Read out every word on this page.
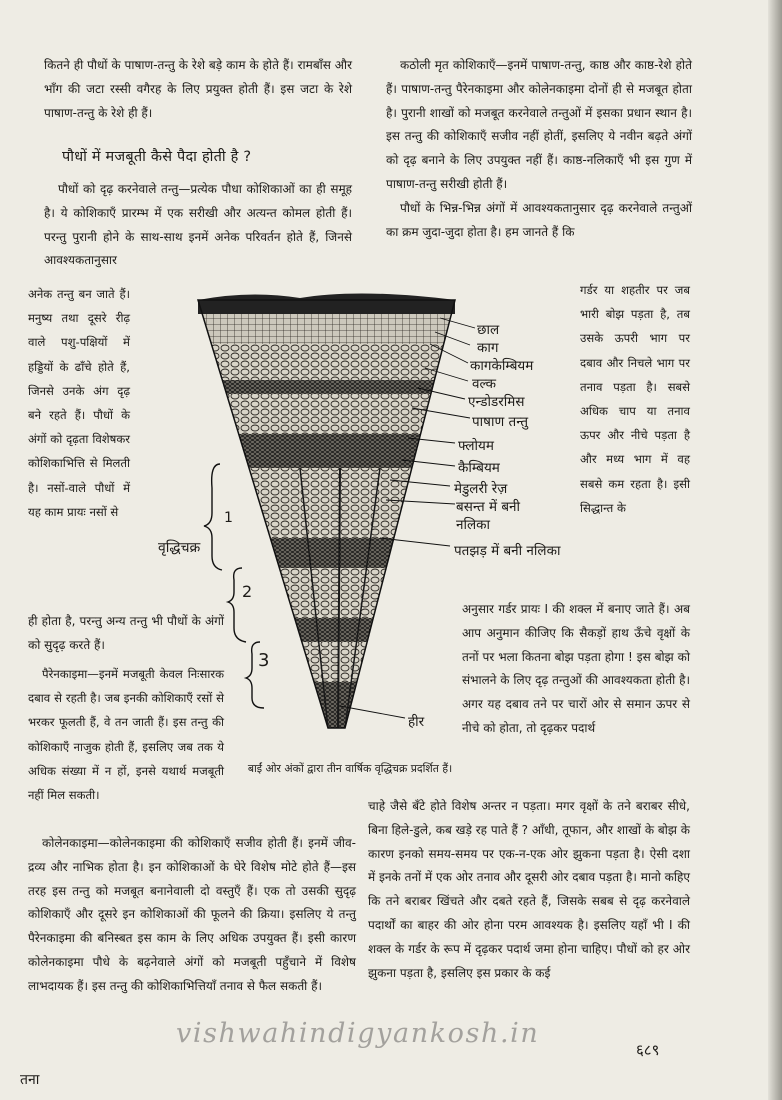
कितने ही पौधों के पाषाण-तन्तु के रेशे बड़े काम के होते हैं। रामबाँस और भाँग की जटा रस्सी वगैरह के लिए प्रयुक्त होती हैं। इस जटा के रेशे पाषाण-तन्तु के रेशे ही हैं।

पौधों में मजबूती कैसे पैदा होती है ?

पौधों को दृढ़ करनेवाले तन्तु—प्रत्येक पौधा कोशिकाओं का ही समूह है। ये कोशिकाएँ प्रारम्भ में एक सरीखी और अत्यन्त कोमल होती हैं। परन्तु पुरानी होने के साथ-साथ इनमें अनेक परिवर्तन होते हैं, जिनसे आवश्यकतानुसार

अनेक तन्तु बन जाते हैं। मनुष्य तथा दूसरे रीढ़ वाले पशु-पक्षियों में हड्डियों के ढाँचे होते हैं, जिनसे उनके अंग दृढ़ बने रहते हैं। पौधों के अंगों को दृढ़ता विशेषकर कोशिकाभित्ति से मिलती है। नसों-वाले पौधों में यह काम प्रायः नसों से

ही होता है, परन्तु अन्य तन्तु भी पौधों के अंगों को सुदृढ़ करते हैं।

पैरेनकाइमा—इनमें मजबूती केवल निःसारक दबाव से रहती है। जब इनकी कोशिकाएँ रसों से भरकर फूलती हैं, वे तन जाती हैं। इस तन्तु की कोशिकाएँ नाजुक होती हैं, इसलिए जब तक ये अधिक संख्या में न हों, इनसे यथार्थ मजबूती नहीं मिल सकती।

कोलेनकाइमा—कोलेनकाइमा की कोशिकाएँ सजीव होती हैं। इनमें जीव-द्रव्य और नाभिक होता है। इन कोशिकाओं के घेरे विशेष मोटे होते हैं—इस तरह इस तन्तु को मजबूत बनानेवाली दो वस्तुएँ हैं। एक तो उसकी सुदृढ़ कोशिकाएँ और दूसरे इन कोशिकाओं की फूलने की क्रिया। इसलिए ये तन्तु पैरेनकाइमा की बनिस्बत इस काम के लिए अधिक उपयुक्त हैं। इसी कारण कोलेनकाइमा पौधे के बढ़नेवाले अंगों को मजबूती पहुँचाने में विशेष लाभदायक हैं। इस तन्तु की कोशिकाभित्तियाँ तनाव से फैल सकती हैं।

कठोली मृत कोशिकाएँ—इनमें पाषाण-तन्तु, काष्ठ और काष्ठ-रेशे होते हैं। पाषाण-तन्तु पैरेनकाइमा और कोलेनकाइमा दोनों ही से मजबूत होता है। पुरानी शाखों को मजबूत करनेवाले तन्तुओं में इसका प्रधान स्थान है। इस तन्तु की कोशिकाएँ सजीव नहीं होतीं, इसलिए ये नवीन बढ़ते अंगों को दृढ़ बनाने के लिए उपयुक्त नहीं हैं। काष्ठ-नलिकाएँ भी इस गुण में पाषाण-तन्तु सरीखी होती हैं।

पौधों के भिन्न-भिन्न अंगों में आवश्यकतानुसार दृढ़ करनेवाले तन्तुओं का क्रम जुदा-जुदा होता है। हम जानते हैं कि

गर्डर या शहतीर पर जब भारी बोझ पड़ता है, तब उसके ऊपरी भाग पर दबाव और निचले भाग पर तनाव पड़ता है। सबसे अधिक चाप या तनाव ऊपर और नीचे पड़ता है और मध्य भाग में वह सबसे कम रहता है। इसी सिद्धान्त के

अनुसार गर्डर प्रायः I की शक्ल में बनाए जाते हैं। अब आप अनुमान कीजिए कि सैकड़ों हाथ ऊँचे वृक्षों के तनों पर भला कितना बोझ पड़ता होगा ! इस बोझ को संभालने के लिए दृढ़ तन्तुओं की आवश्यकता होती है। अगर यह दबाव तने पर चारों ओर से समान ऊपर से नीचे को होता, तो दृढ़कर पदार्थ

चाहे जैसे बँटे होते विशेष अन्तर न पड़ता। मगर वृक्षों के तने बराबर सीधे, बिना हिले-डुले, कब खड़े रह पाते हैं ? आँधी, तूफान, और शाखों के बोझ के कारण इनको समय-समय पर एक-न-एक ओर झुकना पड़ता है। ऐसी दशा में इनके तनों में एक ओर तनाव और दूसरी ओर दबाव पड़ता है। मानो कहिए कि तने बराबर खिंचते और दबते रहते हैं, जिसके सबब से दृढ़ करनेवाले पदार्थों का बाहर की ओर होना परम आवश्यक है। इसलिए यहाँ भी I की शक्ल के गर्डर के रूप में दृढ़कर पदार्थ जमा होना चाहिए। पौधों को हर ओर झुकना पड़ता है, इसलिए इस प्रकार के कई

छाल
काग
कागकेम्बियम
वल्क
एन्डोडरमिस
पाषाण तन्तु
फ्लोयम
कैम्बियम
मेडुलरी रेज़
बसन्त में बनी नलिका
पतझड़ में बनी नलिका
हीर
वृद्धिचक्र
1
2
3
बाईं ओर अंकों द्वारा तीन वार्षिक वृद्धिचक्र प्रदर्शित हैं।
vishwahindigyankosh.in
६८९
तना
